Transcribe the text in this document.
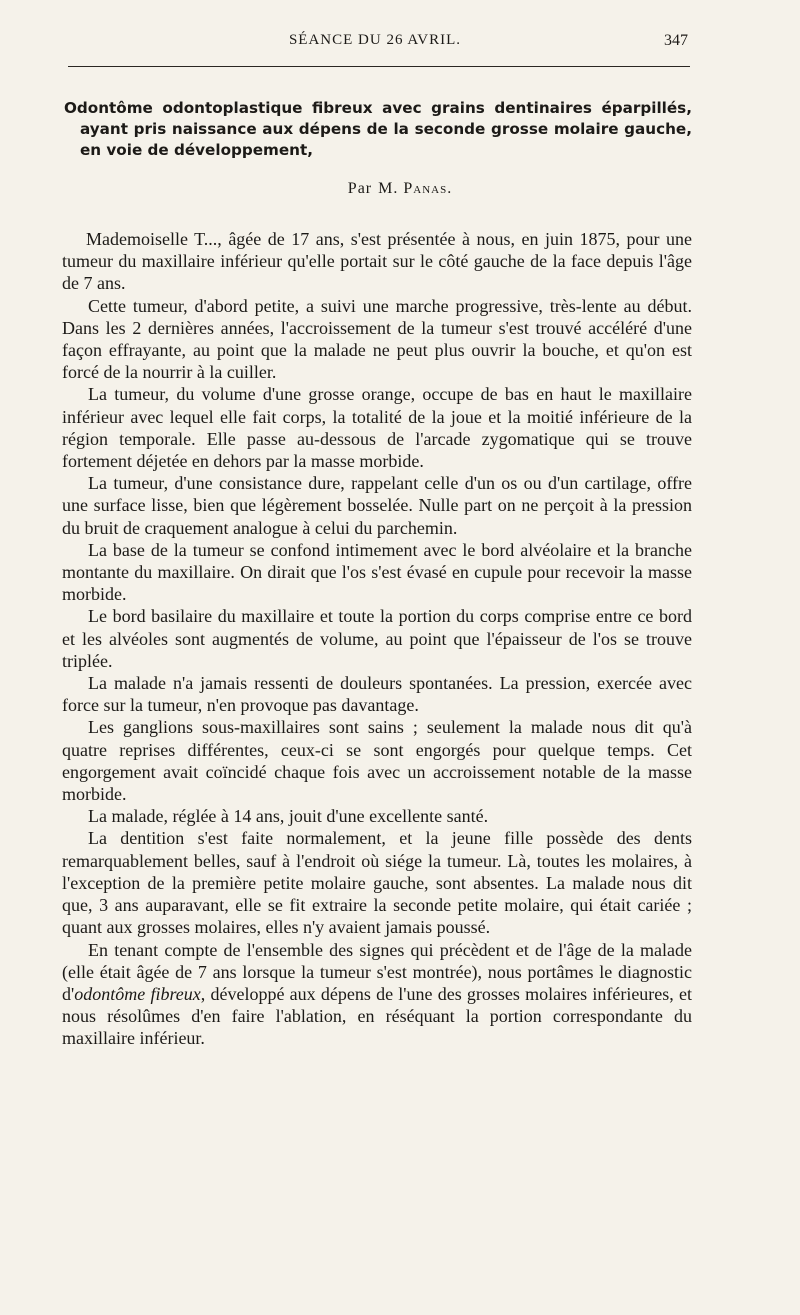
SÉANCE DU 26 AVRIL.	347
Odontôme odontoplastique fibreux avec grains dentinaires éparpillés,
ayant pris naissance aux dépens de la seconde grosse molaire gauche,
en voie de développement,
Par M. Panas.

Mademoiselle T..., âgée de 17 ans, s'est présentée à nous, en juin 1875, pour une tumeur du maxillaire inférieur qu'elle portait sur le côté gauche de la face depuis l'âge de 7 ans.

Cette tumeur, d'abord petite, a suivi une marche progressive, très-lente au début. Dans les 2 dernières années, l'accroissement de la tumeur s'est trouvé accéléré d'une façon effrayante, au point que la malade ne peut plus ouvrir la bouche, et qu'on est forcé de la nourrir à la cuiller.

La tumeur, du volume d'une grosse orange, occupe de bas en haut le maxillaire inférieur avec lequel elle fait corps, la totalité de la joue et la moitié inférieure de la région temporale. Elle passe au-dessous de l'arcade zygomatique qui se trouve fortement déjetée en dehors par la masse morbide.

La tumeur, d'une consistance dure, rappelant celle d'un os ou d'un cartilage, offre une surface lisse, bien que légèrement bosselée. Nulle part on ne perçoit à la pression du bruit de craquement analogue à celui du parchemin.

La base de la tumeur se confond intimement avec le bord alvéolaire et la branche montante du maxillaire. On dirait que l'os s'est évasé en cupule pour recevoir la masse morbide.

Le bord basilaire du maxillaire et toute la portion du corps comprise entre ce bord et les alvéoles sont augmentés de volume, au point que l'épaisseur de l'os se trouve triplée.

La malade n'a jamais ressenti de douleurs spontanées. La pression, exercée avec force sur la tumeur, n'en provoque pas davantage.

Les ganglions sous-maxillaires sont sains ; seulement la malade nous dit qu'à quatre reprises différentes, ceux-ci se sont engorgés pour quelque temps. Cet engorgement avait coïncidé chaque fois avec un accroissement notable de la masse morbide.

La malade, réglée à 14 ans, jouit d'une excellente santé.

La dentition s'est faite normalement, et la jeune fille possède des dents remarquablement belles, sauf à l'endroit où siége la tumeur. Là, toutes les molaires, à l'exception de la première petite molaire gauche, sont absentes. La malade nous dit que, 3 ans auparavant, elle se fit extraire la seconde petite molaire, qui était cariée ; quant aux grosses molaires, elles n'y avaient jamais poussé.

En tenant compte de l'ensemble des signes qui précèdent et de l'âge de la malade (elle était âgée de 7 ans lorsque la tumeur s'est montrée), nous portâmes le diagnostic d'odontôme fibreux, développé aux dépens de l'une des grosses molaires inférieures, et nous résolûmes d'en faire l'ablation, en réséquant la portion correspondante du maxillaire inférieur.
